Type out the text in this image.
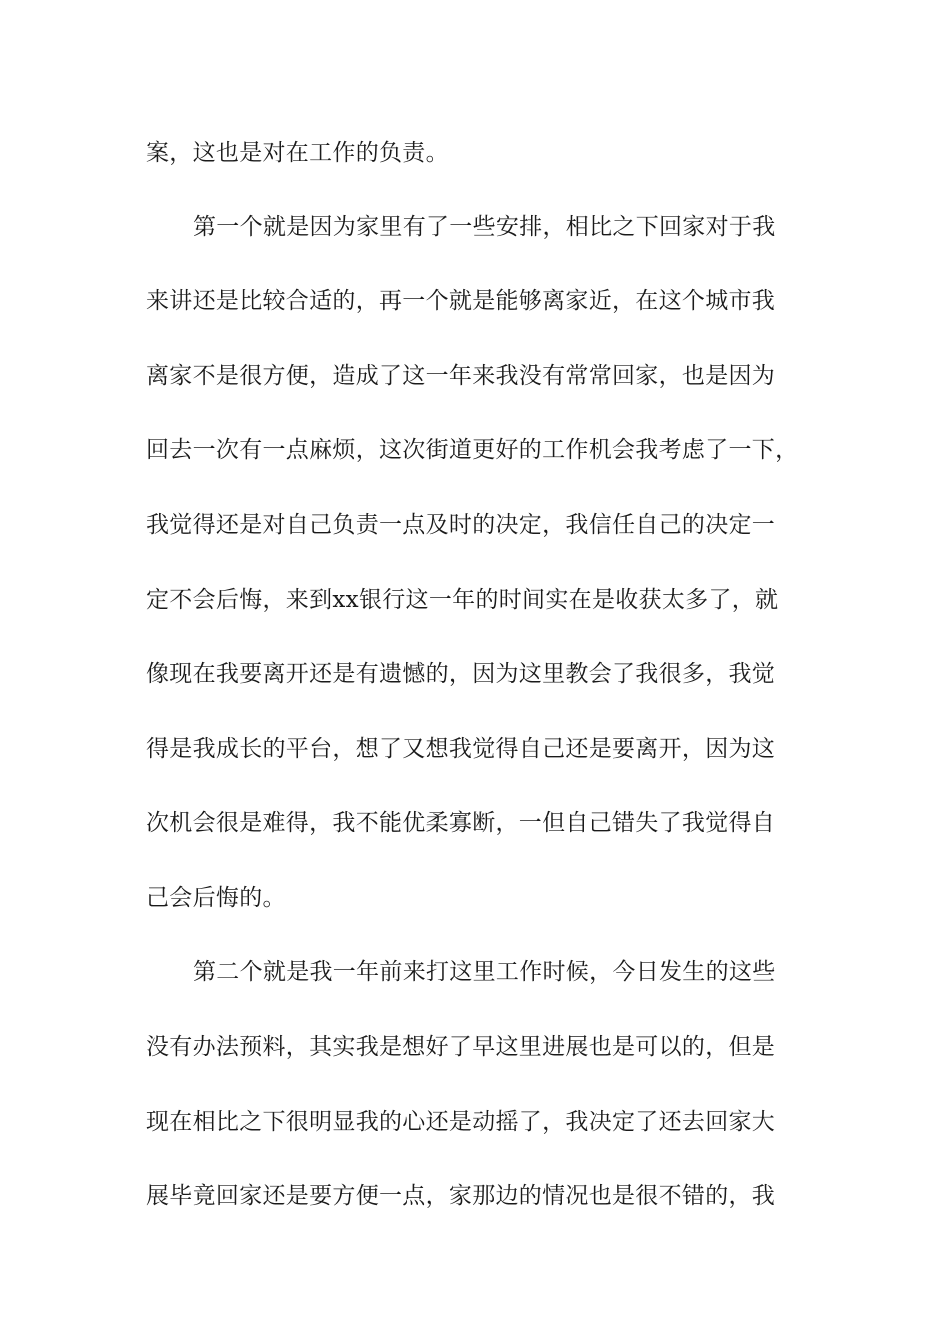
案，这也是对在工作的负责。
第一个就是因为家里有了一些安排，相比之下回家对于我
来讲还是比较合适的，再一个就是能够离家近，在这个城市我
离家不是很方便，造成了这一年来我没有常常回家，也是因为
回去一次有一点麻烦，这次街道更好的工作机会我考虑了一下，
我觉得还是对自己负责一点及时的决定，我信任自己的决定一
定不会后悔，来到xx银行这一年的时间实在是收获太多了，就
像现在我要离开还是有遗憾的，因为这里教会了我很多，我觉
得是我成长的平台，想了又想我觉得自己还是要离开，因为这
次机会很是难得，我不能优柔寡断，一但自己错失了我觉得自
己会后悔的。
第二个就是我一年前来打这里工作时候，今日发生的这些
没有办法预料，其实我是想好了早这里进展也是可以的，但是
现在相比之下很明显我的心还是动摇了，我决定了还去回家大
展毕竟回家还是要方便一点，家那边的情况也是很不错的，我
